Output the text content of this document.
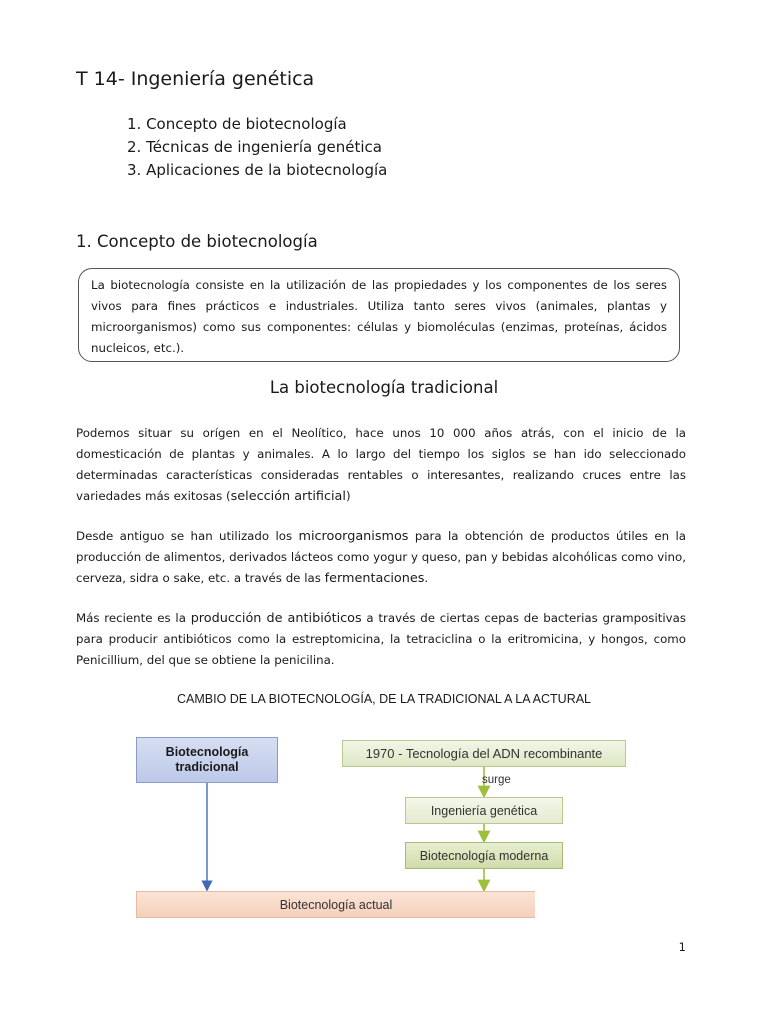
T 14- Ingeniería genética
1. Concepto de biotecnología
2. Técnicas de ingeniería genética
3. Aplicaciones de la biotecnología
1. Concepto de biotecnología
La biotecnología consiste en la utilización de las propiedades y los componentes de los seres vivos para fines prácticos e industriales. Utiliza tanto seres vivos (animales, plantas y microorganismos) como sus componentes: células y biomoléculas (enzimas, proteínas, ácidos nucleicos, etc.).
La biotecnología tradicional

Podemos situar su orígen en el Neolítico, hace unos 10 000 años atrás, con el inicio de la domesticación de plantas y animales. A lo largo del tiempo los siglos se han ido seleccionado determinadas características consideradas rentables o interesantes, realizando cruces entre las variedades más exitosas (selección artificial)

Desde antiguo se han utilizado los microorganismos para la obtención de productos útiles en la producción de alimentos, derivados lácteos como yogur y queso, pan y bebidas alcohólicas como vino, cerveza, sidra o sake, etc. a través de las fermentaciones.

Más reciente es la producción de antibióticos a través de ciertas cepas de bacterias grampositivas para producir antibióticos como la estreptomicina, la tetraciclina o la eritromicina, y hongos, como Penicillium, del que se obtiene la penicilina.

CAMBIO DE LA BIOTECNOLOGÍA, DE LA TRADICIONAL A LA ACTURAL
Biotecnología tradicional
1970 - Tecnología del ADN recombinante
surge
Ingeniería genética
Biotecnología moderna
Biotecnología actual
1
